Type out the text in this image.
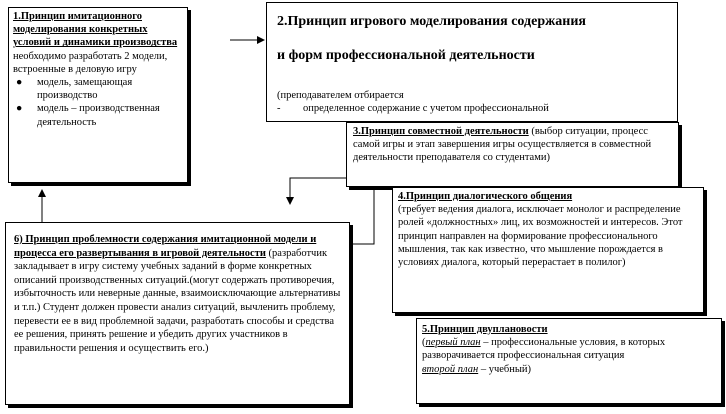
1.Принцип имитационного моделирования конкретных условий и динамики производства
необходимо разработать 2 модели, встроенные в деловую игру
●	модель, замещающая производство
●	модель – производственная деятельность
2.Принцип игрового моделирования содержания
и форм профессиональной деятельности
(преподавателем отбирается
-	определенное содержание с учетом профессиональной
3.Принцип совместной деятельности (выбор ситуации, процесс самой игры и этап завершения игры осуществляется в совместной деятельности преподавателя со студентами)
4.Принцип диалогического общения
(требует ведения диалога, исключает монолог и распределение ролей «должностных» лиц, их возможностей и интересов. Этот принцип направлен на формирование профессионального мышления, так как известно, что мышление порождается в условиях диалога, который перерастает в полилог)
5.Принцип двуплановости
(первый план – профессиональные условия, в которых разворачивается профессиональная ситуация
второй план – учебный)
6) Принцип проблемности содержания имитационной модели и процесса его развертывания в игровой деятельности (разработчик закладывает в игру систему учебных заданий в форме конкретных описаний производственных ситуаций.(могут содержать противоречия, избыточность или неверные данные, взаимоисключающие альтернативы и т.п.) Студент должен провести анализ ситуаций, вычленить проблему, перевести ее в вид проблемной задачи, разработать способы и средства ее решения, принять решение и убедить других участников в правильности решения и осуществить его.)
